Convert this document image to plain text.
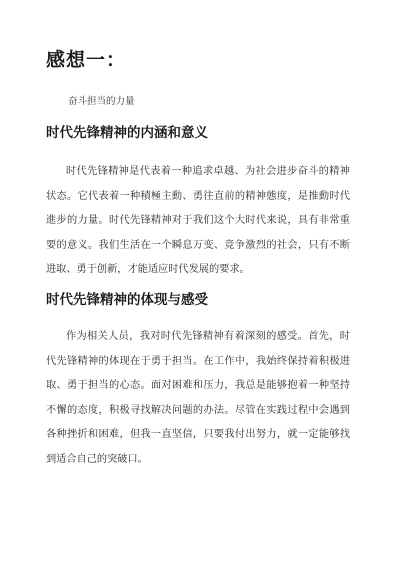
感想一：
奋斗担当的力量
时代先锋精神的内涵和意义
时代先锋精神是代表着一种追求卓越、为社会进步奋斗的精神
状态。它代表着一种積極主動、勇往直前的精神態度，是推動时代
進步的力量。时代先锋精神对于我们这个大时代来说，具有非常重
要的意义。我们生活在一个瞬息万变、竞争激烈的社会，只有不断
进取、勇于创新，才能适应时代发展的要求。
时代先锋精神的体现与感受
作为相关人员，我对时代先锋精神有着深刻的感受。首先，时
代先锋精神的体现在于勇于担当。在工作中，我始终保持着积极进
取、勇于担当的心态。面对困难和压力，我总是能够抱着一种坚持
不懈的态度，积极寻找解决问题的办法。尽管在实践过程中会遇到
各种挫折和困难，但我一直坚信，只要我付出努力，就一定能够找
到适合自己的突破口。
